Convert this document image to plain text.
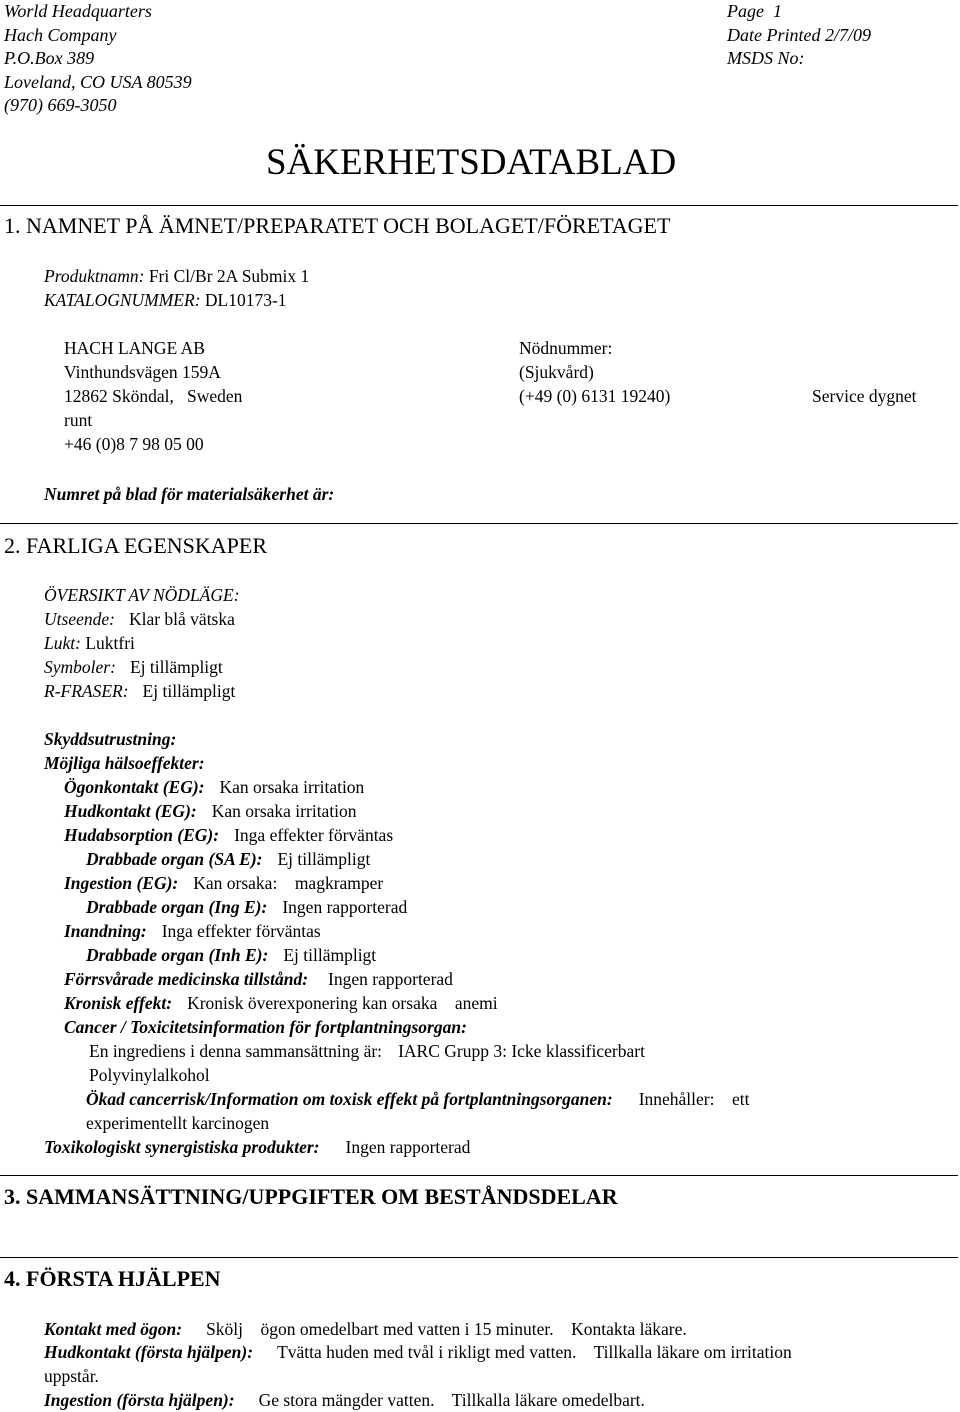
World Headquarters
Hach Company
P.O.Box 389
Loveland, CO USA 80539
(970) 669-3050
Page  1
Date Printed 2/7/09
MSDS No:
SÄKERHETSDATABLAD
1. NAMNET PÅ ÄMNET/PREPARATET OCH BOLAGET/FÖRETAGET
Produktnamn: Fri Cl/Br 2A Submix 1
KATALOGNUMMER: DL10173-1
HACH LANGE AB
Vinthundsvägen 159A
12862 Sköndal,   Sweden
Nödnummer:
(Sjukvård)
(+49 (0) 6131 19240)	Service dygnet
runt
+46 (0)8 7 98 05 00
Numret på blad för materialsäkerhet är:
2. FARLIGA EGENSKAPER
ÖVERSIKT AV NÖDLÄGE:
Utseende: Klar blå vätska
Lukt: Luktfri
Symboler: Ej tillämpligt
R-FRASER: Ej tillämpligt
Skyddsutrustning:
Möjliga hälsoeffekter:
Ögonkontakt (EG): Kan orsaka irritation
Hudkontakt (EG): Kan orsaka irritation
Hudabsorption (EG): Inga effekter förväntas
Drabbade organ (SA E): Ej tillämpligt
Ingestion (EG): Kan orsaka:    magkramper
Drabbade organ (Ing E): Ingen rapporterad
Inandning: Inga effekter förväntas
Drabbade organ (Inh E): Ej tillämpligt
Förrsvårade medicinska tillstånd: Ingen rapporterad
Kronisk effekt: Kronisk överexponering kan orsaka    anemi
Cancer / Toxicitetsinformation för fortplantningsorgan:
En ingrediens i denna sammansättning är: IARC Grupp 3: Icke klassificerbart
Polyvinylalkohol
Ökad cancerrisk/Information om toxisk effekt på fortplantningsorganen: Innehåller:    ett
experimentellt karcinogen
Toxikologiskt synergistiska produkter: Ingen rapporterad
3. SAMMANSÄTTNING/UPPGIFTER OM BESTÅNDSDELAR
4. FÖRSTA HJÄLPEN
Kontakt med ögon: Skölj    ögon omedelbart med vatten i 15 minuter.    Kontakta läkare.
Hudkontakt (första hjälpen): Tvätta huden med tvål i rikligt med vatten.    Tillkalla läkare om irritation
uppstår.
Ingestion (första hjälpen): Ge stora mängder vatten.    Tillkalla läkare omedelbart.
